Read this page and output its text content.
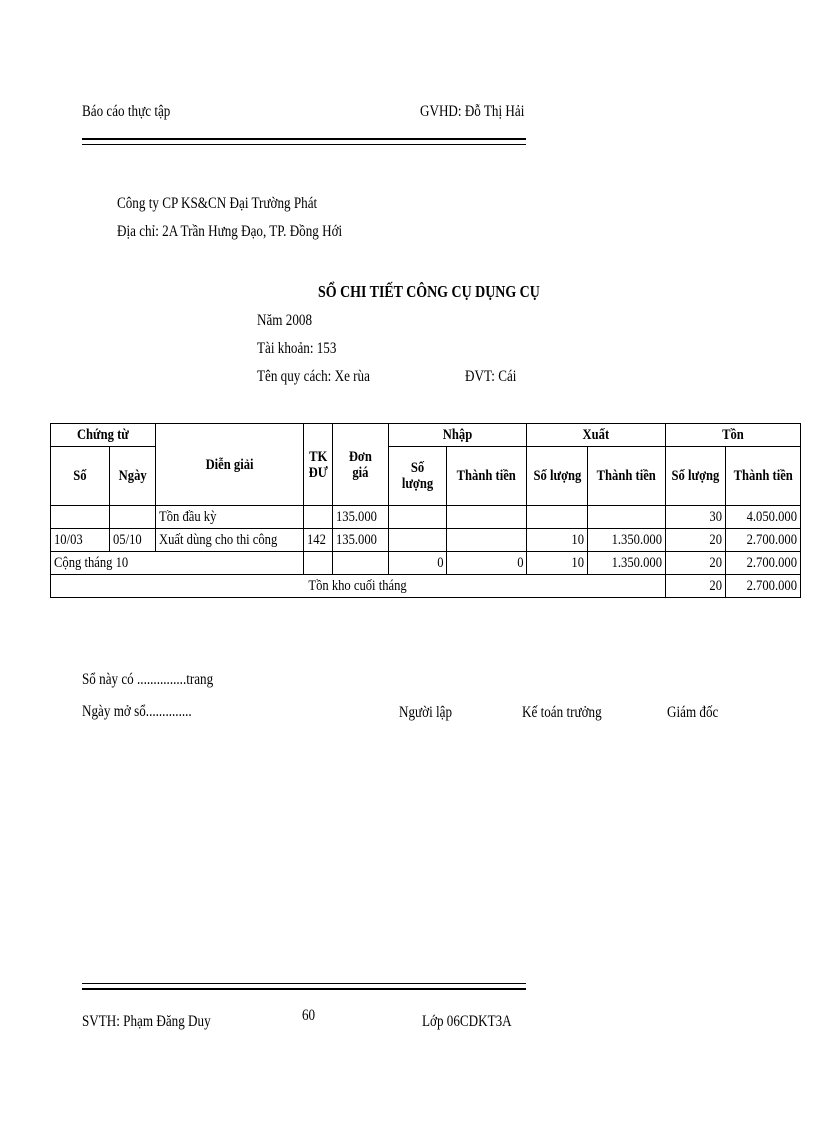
Báo cáo thực tập	GVHD: Đỗ Thị Hải
Công ty CP KS&CN Đại Trường Phát
Địa chỉ: 2A Trần Hưng Đạo, TP. Đồng Hới
SỔ CHI TIẾT CÔNG CỤ DỤNG CỤ
Năm 2008
Tài khoản: 153
Tên quy cách: Xe rùa	ĐVT: Cái
Chứng từ		Diễn giải	TK ĐƯ	Đơn giá	Nhập		Xuất		Tồn	
Số	Ngày				Số lượng	Thành tiền	Số lượng	Thành tiền	Số lượng	Thành tiền
		Tồn đầu kỳ		135.000					30	4.050.000
10/03	05/10	Xuất dùng cho thi công	142	135.000			10	1.350.000	20	2.700.000
Cộng tháng 10					0	0	10	1.350.000	20	2.700.000
Tồn kho cuối tháng									20	2.700.000
Sổ này có ...............trang
Ngày mở sổ..............	Người lập	Kế toán trưởng	Giám đốc
SVTH: Phạm Đăng Duy	60	Lớp 06CDKT3A
